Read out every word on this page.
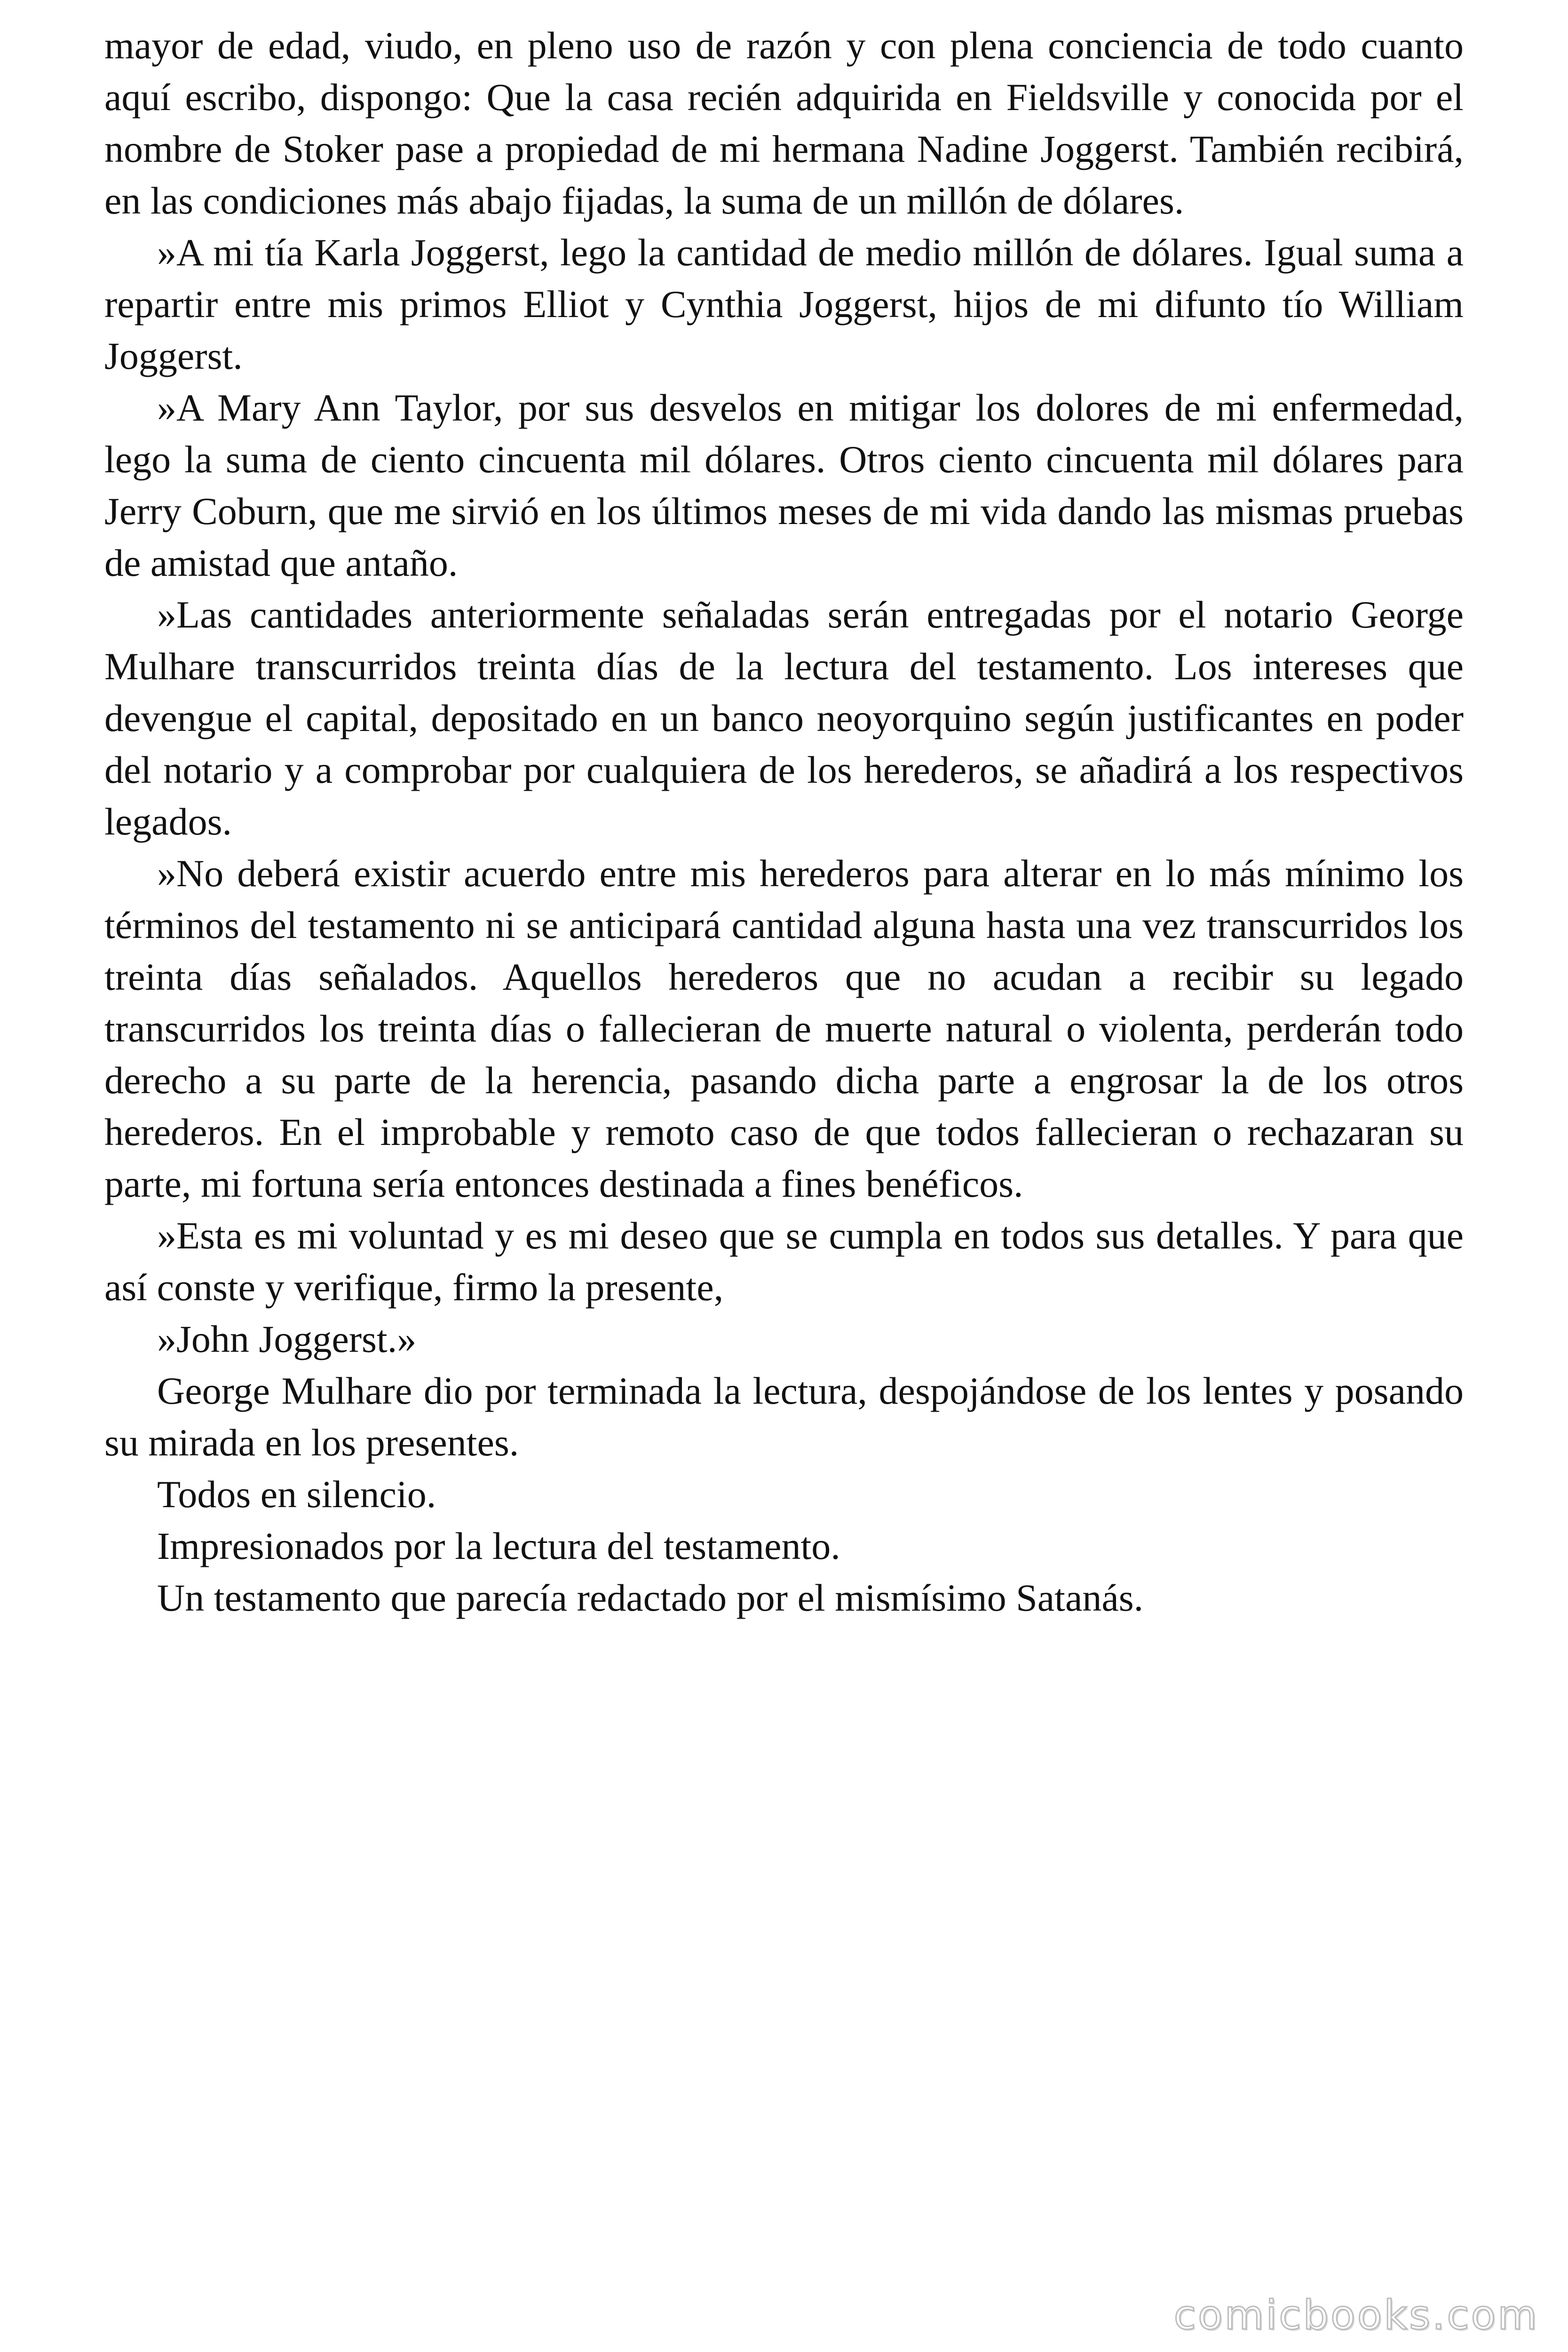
mayor de edad, viudo, en pleno uso de razón y con plena conciencia de todo cuanto aquí escribo, dispongo: Que la casa recién adquirida en Fieldsville y conocida por el nombre de Stoker pase a propiedad de mi hermana Nadine Joggerst. También recibirá, en las condiciones más abajo fijadas, la suma de un millón de dólares.

»A mi tía Karla Joggerst, lego la cantidad de medio millón de dólares. Igual suma a repartir entre mis primos Elliot y Cynthia Joggerst, hijos de mi difunto tío William Joggerst.

»A Mary Ann Taylor, por sus desvelos en mitigar los dolores de mi enfermedad, lego la suma de ciento cincuenta mil dólares. Otros ciento cincuenta mil dólares para Jerry Coburn, que me sirvió en los últimos meses de mi vida dando las mismas pruebas de amistad que antaño.

»Las cantidades anteriormente señaladas serán entregadas por el notario George Mulhare transcurridos treinta días de la lectura del testamento. Los intereses que devengue el capital, depositado en un banco neoyorquino según justificantes en poder del notario y a comprobar por cualquiera de los herederos, se añadirá a los respectivos legados.

»No deberá existir acuerdo entre mis herederos para alterar en lo más mínimo los términos del testamento ni se anticipará cantidad alguna hasta una vez transcurridos los treinta días señalados. Aquellos herederos que no acudan a recibir su legado transcurridos los treinta días o fallecieran de muerte natural o violenta, perderán todo derecho a su parte de la herencia, pasando dicha parte a engrosar la de los otros herederos. En el improbable y remoto caso de que todos fallecieran o rechazaran su parte, mi fortuna sería entonces destinada a fines benéficos.

»Esta es mi voluntad y es mi deseo que se cumpla en todos sus detalles. Y para que así conste y verifique, firmo la presente,

»John Joggerst.»

George Mulhare dio por terminada la lectura, despojándose de los lentes y posando su mirada en los presentes.

Todos en silencio.

Impresionados por la lectura del testamento.

Un testamento que parecía redactado por el mismísimo Satanás.

comicbooks.com
